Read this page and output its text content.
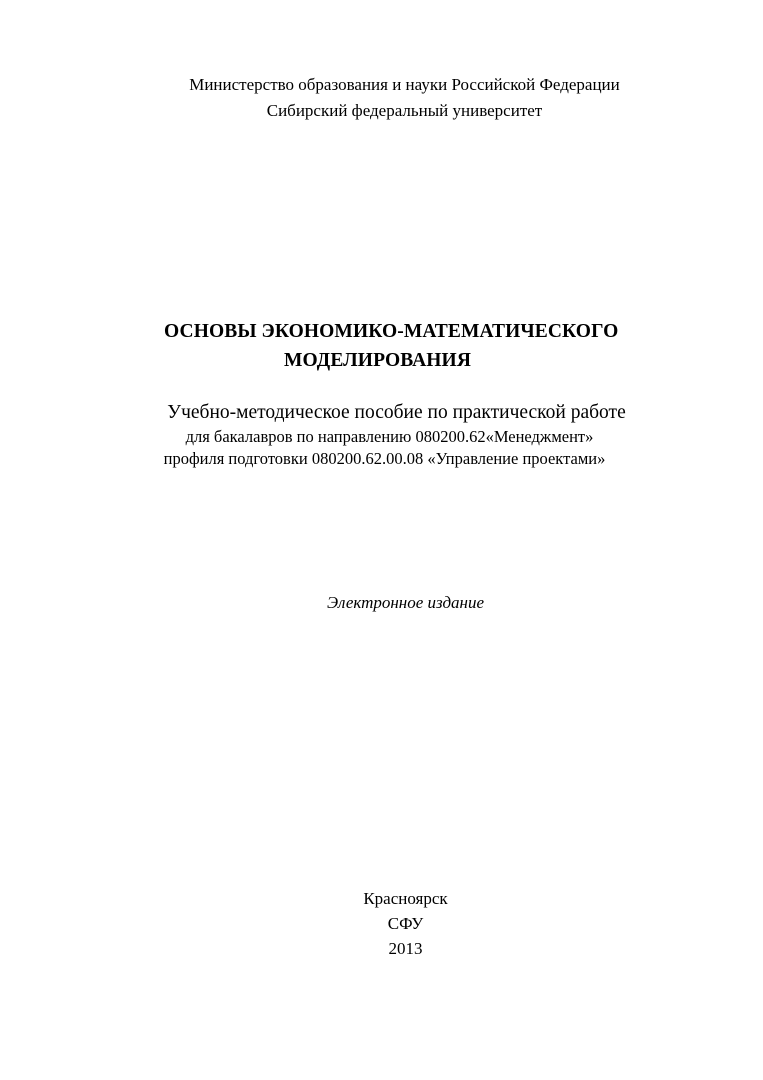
Министерство образования и науки Российской Федерации
Сибирский федеральный университет
ОСНОВЫ ЭКОНОМИКО-МАТЕМАТИЧЕСКОГО
МОДЕЛИРОВАНИЯ
Учебно-методическое пособие по практической работе
для бакалавров по направлению 080200.62«Менеджмент»
профиля подготовки 080200.62.00.08 «Управление проектами»
Электронное издание
Красноярск
СФУ
2013
